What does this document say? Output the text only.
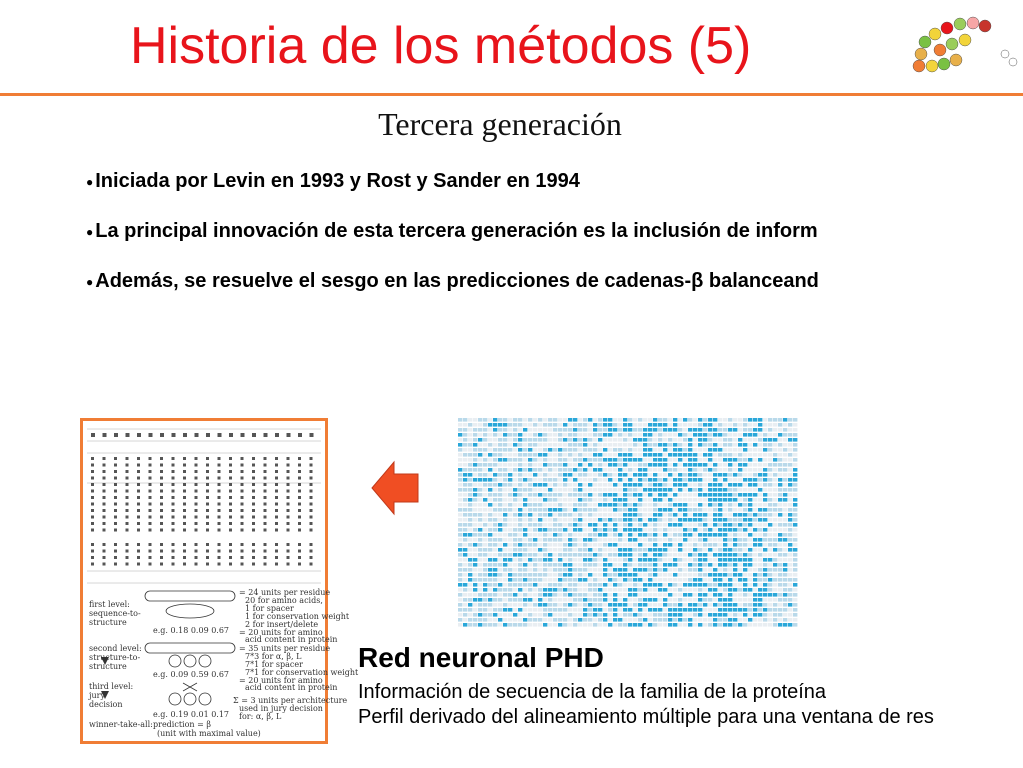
Historia de los métodos (5)
Tercera generación
● Iniciada por Levin en 1993 y Rost y Sander en 1994
● La principal innovación de esta tercera generación es la inclusión de inform
● Además, se resuelve el sesgo en las predicciones de cadenas-β balanceand
first level:
sequence-to-
structure
second level:
structure-to-
structure
third level:
jury
decision
winner-take-all:
= 24 units per residue
20 for amino acids,
1 for spacer
1 for conservation weight
2 for insert/delete
= 20 units for amino
acid content in protein
= 35 units per residue
7*3 for α, β, L
7*1 for spacer
7*1 for conservation weight
= 20 units for amino
acid content in protein
Σ = 3 units per architecture
used in jury decision
for: α, β, L
e.g. 0.18 0.09 0.67
e.g. 0.09 0.59 0.67
e.g. 0.19 0.01 0.17
prediction = β
(unit with maximal value)
Red neuronal PHD
Información de secuencia de la familia de la proteína
Perfil derivado del alineamiento múltiple para una ventana de res
